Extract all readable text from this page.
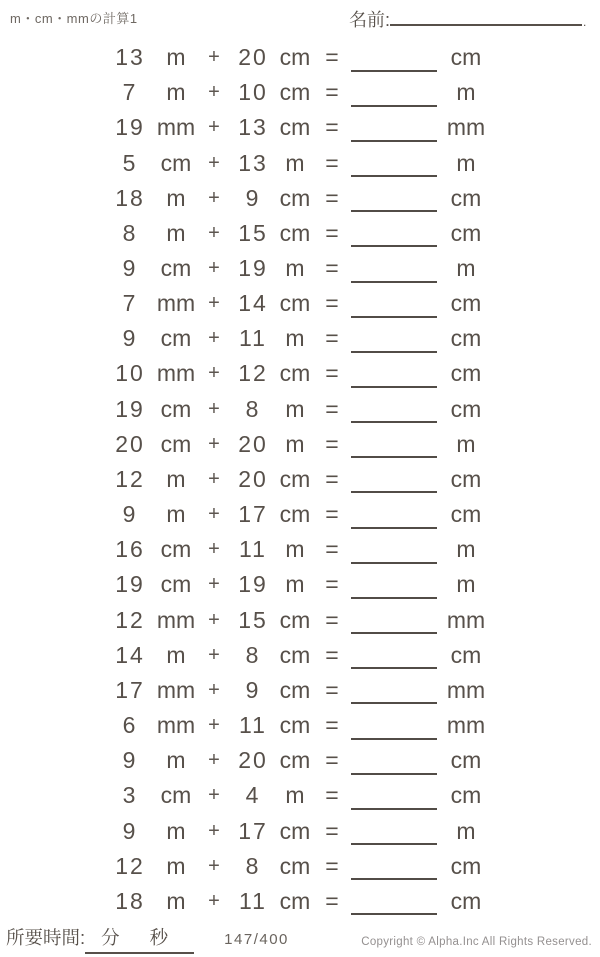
m・cm・mmの計算1	名前:	.
13 m	+ 20 cm =	cm
7	m	+ 10 cm =	m
19 mm + 13 cm =	mm
5	cm + 13 m =	m
18 m	+	9 cm =	cm
8	m	+ 15 cm =	cm
9	cm + 19 m =	m
7 mm + 14 cm =	cm
9	cm + 11 m =	cm
10 mm + 12 cm =	cm
19 cm +	8	m =	cm
20 cm + 20 m =	m
12 m	+ 20 cm =	cm
9	m	+ 17 cm =	cm
16 cm + 11 m =	m
19 cm + 19 m =	m
12 mm + 15 cm =	mm
14 m	+	8 cm =	cm
17 mm +	9 cm =	mm
6 mm + 11 cm =	mm
9	m	+ 20 cm =	cm
3	cm +	4	m =	cm
9	m	+ 17 cm =	m
12 m	+	8 cm =	cm
18 m	+ 11 cm =	cm
所要時間: 分 秒	147/400	Copyright © Alpha.Inc All Rights Reserved.
